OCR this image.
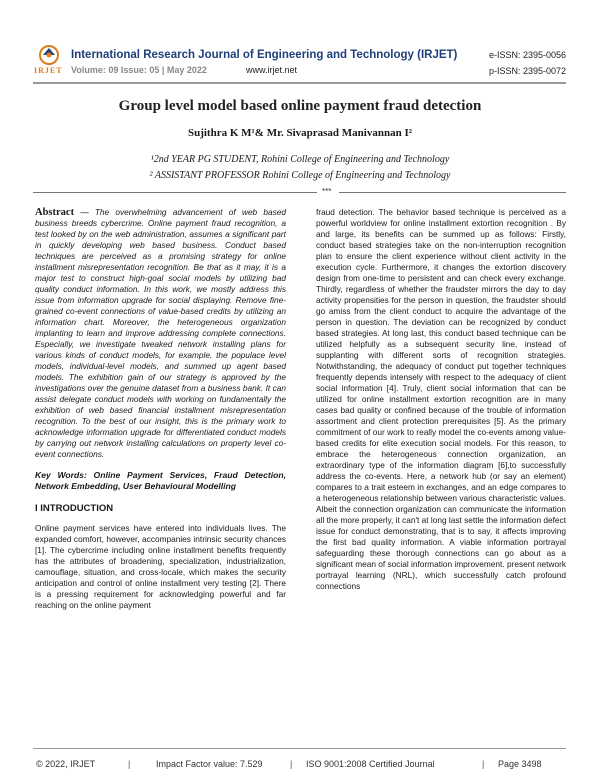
IRJET
International Research Journal of Engineering and Technology (IRJET)
Volume: 09 Issue: 05 | May 2022	www.irjet.net
e-ISSN: 2395-0056
p-ISSN: 2395-0072
Group level model based online payment fraud detection
Sujithra K M¹& Mr. Sivaprasad Manivannan I²
¹2nd YEAR PG STUDENT, Rohini College of Engineering and Technology
² ASSISTANT PROFESSOR Rohini College of Engineering and Technology
***
Abstract — The overwhelming advancement of web based business breeds cybercrime. Online payment fraud recognition, a test looked by on the web administration, assumes a significant part in quickly developing web based business. Conduct based techniques are perceived as a promising strategy for online installment misrepresentation recognition. Be that as it may, it is a major test to construct high-goal social models by utilizing bad quality conduct information. In this work, we mostly address this issue from information upgrade for social displaying. Remove fine-grained co-event connections of value-based credits by utilizing an information chart. Moreover, the heterogeneous organization implanting to learn and improve addressing complete connections. Especially, we investigate tweaked network installing plans for various kinds of conduct models, for example, the populace level models, individual-level models, and summed up agent based models. The exhibition gain of our strategy is approved by the investigations over the genuine dataset from a business bank. It can assist delegate conduct models with working on fundamentally the exhibition of web based financial installment misrepresentation recognition. To the best of our insight, this is the primary work to acknowledge information upgrade for differentiated conduct models by carrying out network installing calculations on property level co-event connections.
Key Words: Online Payment Services, Fraud Detection, Network Embedding, User Behavioural Modelling
I INTRODUCTION
Online payment services have entered into individuals lives. The expanded comfort, however, accompanies intrinsic security chances [1]. The cybercrime including online installment benefits frequently has the attributes of broadening, specialization, industrialization, camouflage, situation, and cross-locale, which makes the security anticipation and control of online installment very testing [2]. There is a pressing requirement for acknowledging powerful and far reaching on the online payment
fraud detection. The behavior based technique is perceived as a powerful worldview for online installment extortion recognition . By and large, its benefits can be summed up as follows: Firstly, conduct based strategies take on the non-interruption recognition plan to ensure the client experience without client activity in the execution cycle. Furthermore, it changes the extortion discovery design from one-time to persistent and can check every exchange. Thirdly, regardless of whether the fraudster mirrors the day to day activity propensities for the person in question, the fraudster should go amiss from the client conduct to acquire the advantage of the person in question. The deviation can be recognized by conduct based strategies. At long last, this conduct based technique can be utilized helpfully as a subsequent security line, instead of supplanting with different sorts of recognition strategies. Notwithstanding, the adequacy of conduct put together techniques frequently depends intensely with respect to the adequacy of client social information [4]. Truly, client social information that can be utilized for online installment extortion recognition are in many cases bad quality or confined because of the trouble of information assortment and client protection prerequisites [5]. As the primary commitment of our work to really model the co-events among value-based credits for elite execution social models. For this reason, to embrace the heterogeneous connection organization, an extraordinary type of the information diagram [6],to successfully address the co-events. Here, a network hub (or say an element) compares to a trait esteem in exchanges, and an edge compares to a heterogeneous relationship between various characteristic values. Albeit the connection organization can communicate the information all the more properly, it can't at long last settle the information defect issue for conduct demonstrating, that is to say, it affects improving the first bad quality information. A viable information portrayal safeguarding these thorough connections can go about as a significant mean of social information improvement. present network portrayal learning (NRL), which successfully catch profound connections
© 2022, IRJET	|	Impact Factor value: 7.529	| ISO 9001:2008 Certified Journal	| Page 3498
